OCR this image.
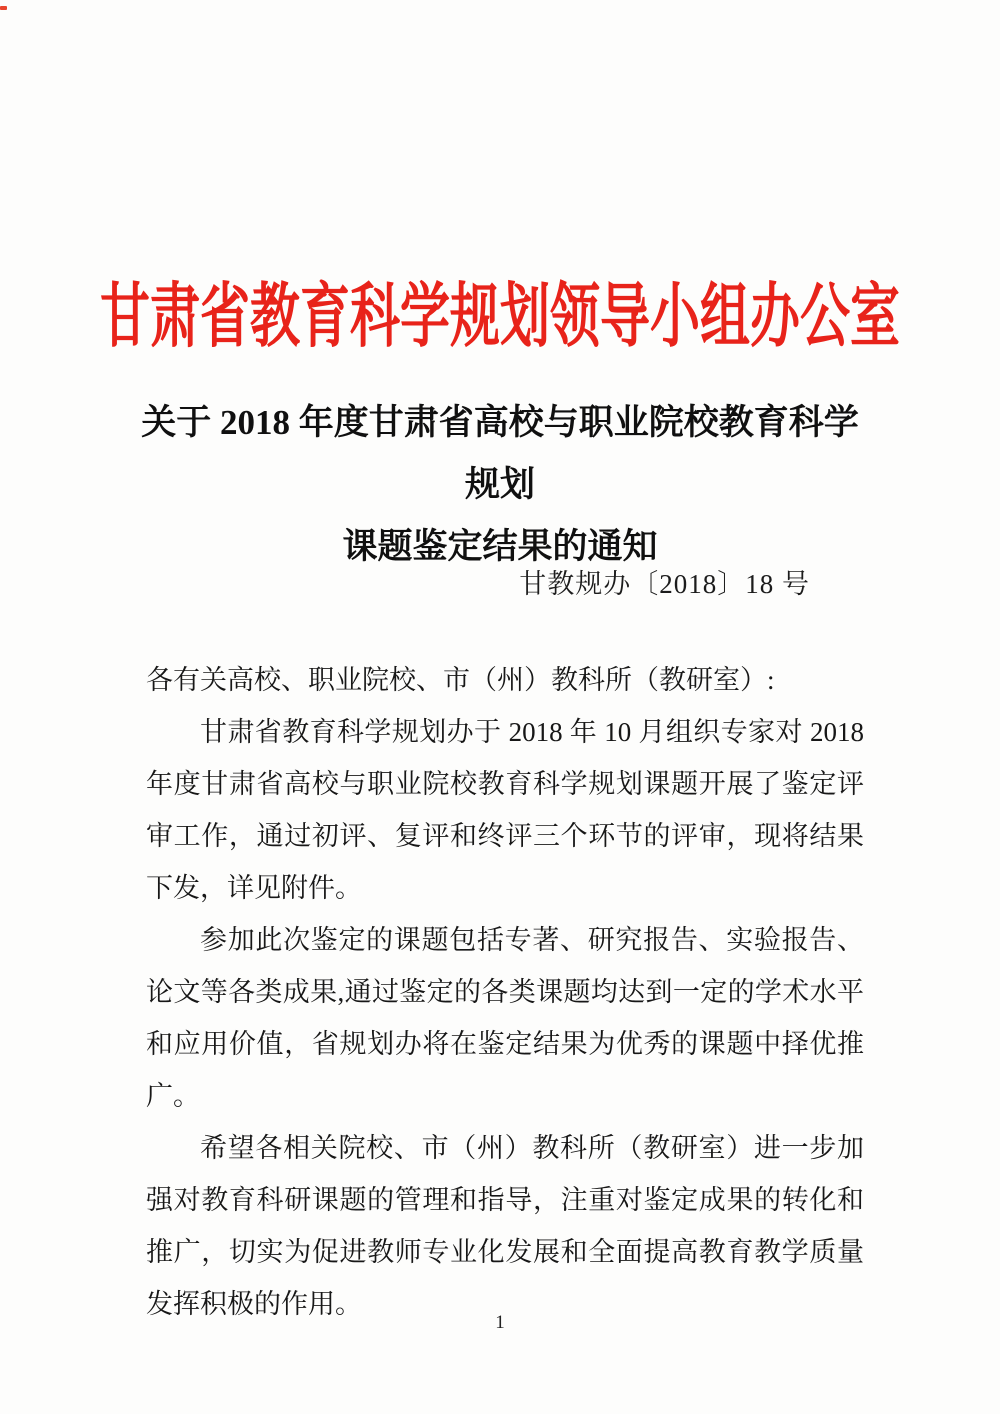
甘肃省教育科学规划领导小组办公室
关于 2018 年度甘肃省高校与职业院校教育科学规划
课题鉴定结果的通知
甘教规办〔2018〕18 号

各有关高校、职业院校、市（州）教科所（教研室）:

甘肃省教育科学规划办于 2018 年 10 月组织专家对 2018 年度甘肃省高校与职业院校教育科学规划课题开展了鉴定评审工作，通过初评、复评和终评三个环节的评审，现将结果下发，详见附件。

参加此次鉴定的课题包括专著、研究报告、实验报告、论文等各类成果,通过鉴定的各类课题均达到一定的学术水平和应用价值，省规划办将在鉴定结果为优秀的课题中择优推广。

希望各相关院校、市（州）教科所（教研室）进一步加强对教育科研课题的管理和指导，注重对鉴定成果的转化和推广，切实为促进教师专业化发展和全面提高教育教学质量发挥积极的作用。

1
